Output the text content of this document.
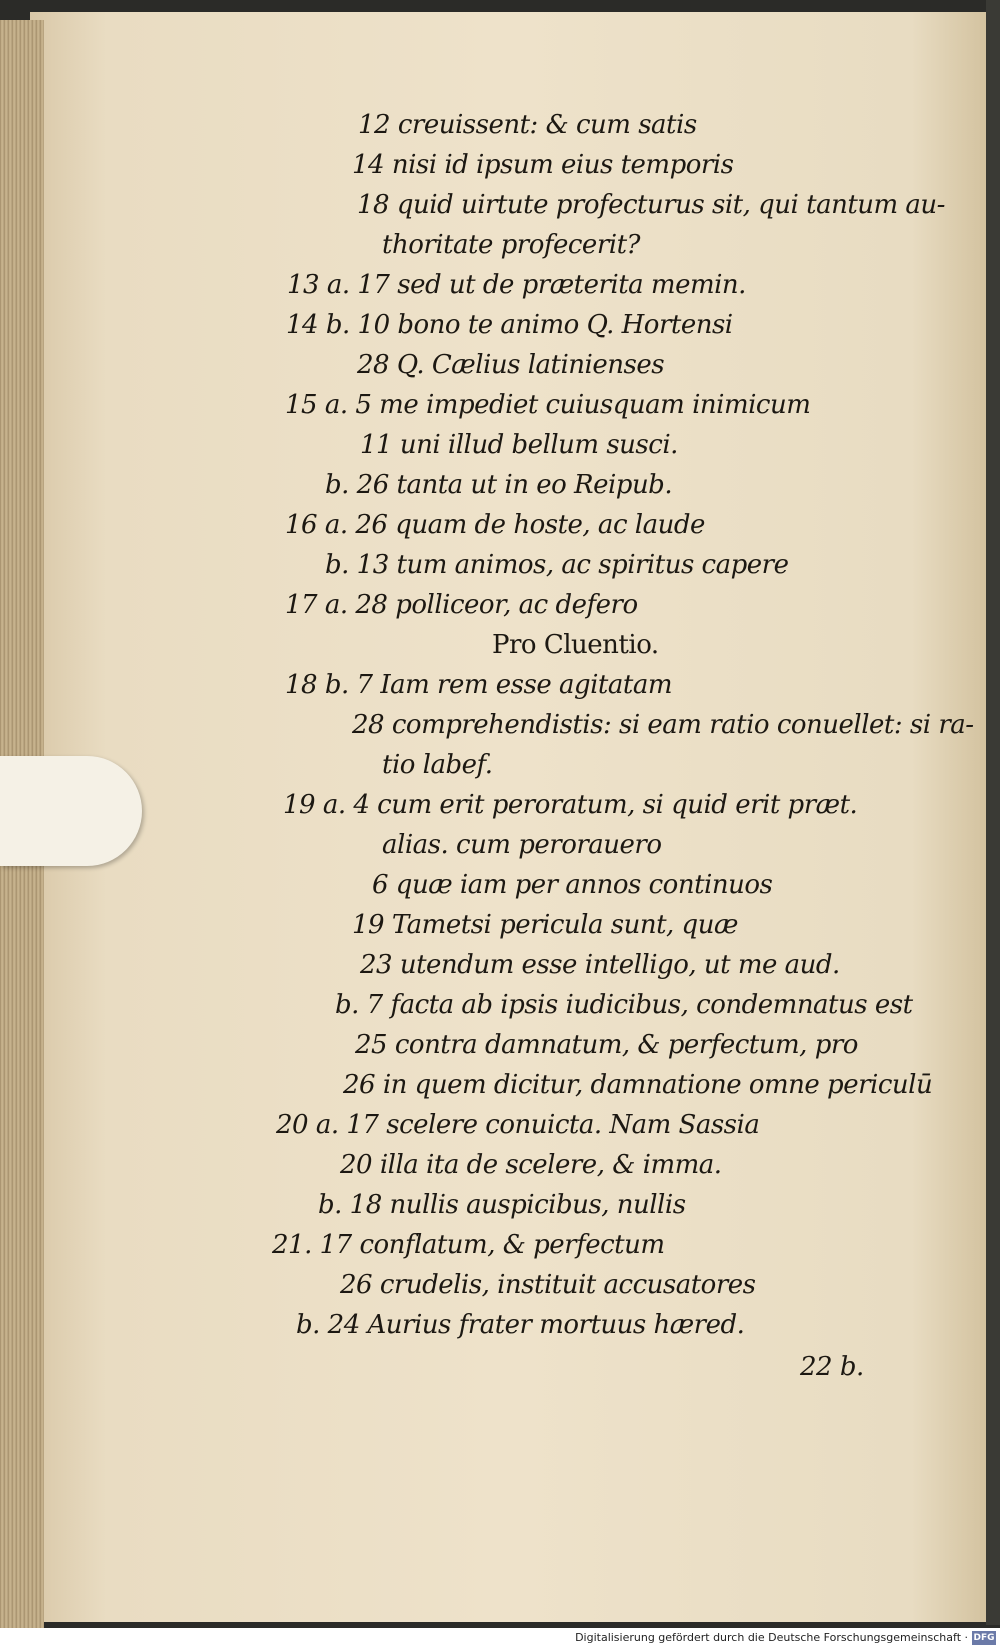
12 creuissent: & cum satis
14 nisi id ipsum eius temporis
18 quid uirtute profecturus sit, qui tantum au-
thoritate profecerit?
13 a. 17 sed ut de præterita memin.
14 b. 10 bono te animo Q. Hortensi
28 Q. Cælius latinienses
15 a. 5 me impediet cuiusquam inimicum
11 uni illud bellum susci.
b. 26 tanta ut in eo Reipub.
16 a. 26 quam de hoste, ac laude
b. 13 tum animos, ac spiritus capere
17 a. 28 polliceor, ac defero
Pro Cluentio.
18 b. 7 Iam rem esse agitatam
28 comprehendistis: si eam ratio conuellet: si ra-
tio labef.
19 a. 4 cum erit peroratum, si quid erit præt.
alias. cum perorauero
6 quæ iam per annos continuos
19 Tametsi pericula sunt, quæ
23 utendum esse intelligo, ut me aud.
b. 7 facta ab ipsis iudicibus, condemnatus est
25 contra damnatum, & perfectum, pro
26 in quem dicitur, damnatione omne periculū
20 a. 17 scelere conuicta. Nam Sassia
20 illa ita de scelere, & imma.
b. 18 nullis auspicibus, nullis
21. 17 conflatum, & perfectum
26 crudelis, instituit accusatores
b. 24 Aurius frater mortuus hæred.
22 b.
Digitalisierung gefördert durch die Deutsche Forschungsgemeinschaft · DFG
